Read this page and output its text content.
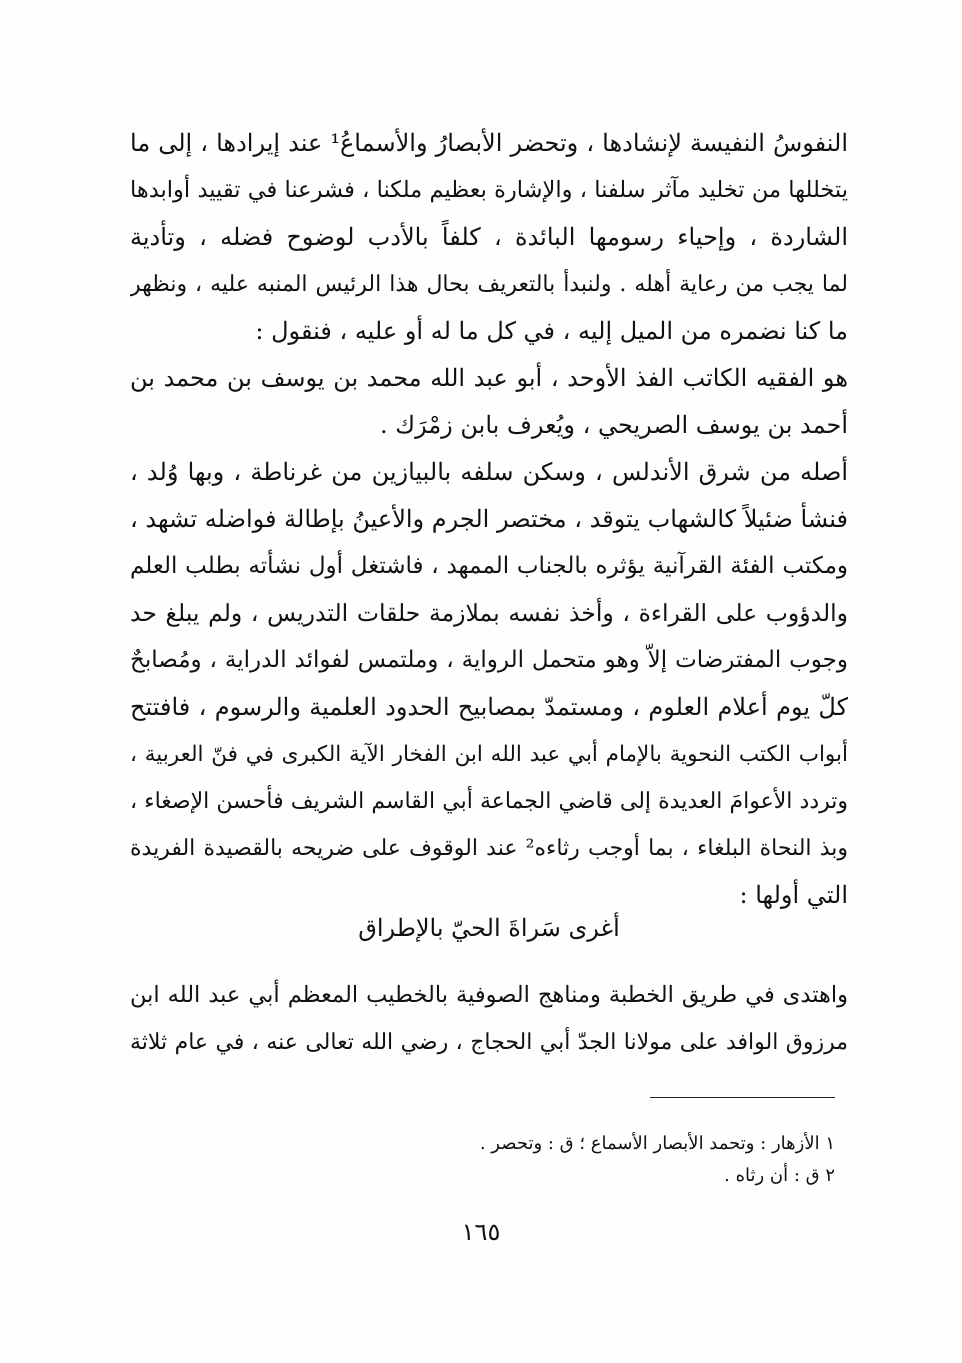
النفوسُ النفيسة لإنشادها ، وتحضر الأبصارُ والأسماعُ¹ عند إيرادها ، إلى ما
يتخللها من تخليد مآثر سلفنا ، والإشارة بعظيم ملكنا ، فشرعنا في تقييد أوابدها
الشاردة ، وإحياء رسومها البائدة ، كلفاً بالأدب لوضوح فضله ، وتأدية
لما يجب من رعاية أهله . ولنبدأ بالتعريف بحال هذا الرئيس المنبه عليه ، ونظهر
ما كنا نضمره من الميل إليه ، في كل ما له أو عليه ، فنقول :
هو الفقيه الكاتب الفذ الأوحد ، أبو عبد الله محمد بن يوسف بن محمد بن
أحمد بن يوسف الصريحي ، ويُعرف بابن زمْرَك .
أصله من شرق الأندلس ، وسكن سلفه بالبيازين من غرناطة ، وبها وُلد ،
فنشأ ضئيلاً كالشهاب يتوقد ، مختصر الجرم والأعينُ بإطالة فواضله تشهد ،
ومكتب الفئة القرآنية يؤثره بالجناب الممهد ، فاشتغل أول نشأته بطلب العلم
والدؤوب على القراءة ، وأخذ نفسه بملازمة حلقات التدريس ، ولم يبلغ حد
وجوب المفترضات إلاّ وهو متحمل الرواية ، وملتمس لفوائد الدراية ، ومُصابحٌ
كلّ يوم أعلام العلوم ، ومستمدّ بمصابيح الحدود العلمية والرسوم ، فافتتح
أبواب الكتب النحوية بالإمام أبي عبد الله ابن الفخار الآية الكبرى في فنّ العربية ،
وتردد الأعوامَ العديدة إلى قاضي الجماعة أبي القاسم الشريف فأحسن الإصغاء ،
وبذ النحاة البلغاء ، بما أوجب رثاءه² عند الوقوف على ضريحه بالقصيدة الفريدة
التي أولها :
أغرى سَراةَ الحيّ بالإطراق
واهتدى في طريق الخطبة ومناهج الصوفية بالخطيب المعظم أبي عبد الله ابن
مرزوق الوافد على مولانا الجدّ أبي الحجاج ، رضي الله تعالى عنه ، في عام ثلاثة
١ الأزهار : وتحمد الأبصار الأسماع ؛ ق : وتحصر .
٢ ق : أن رثاه .
١٦٥
